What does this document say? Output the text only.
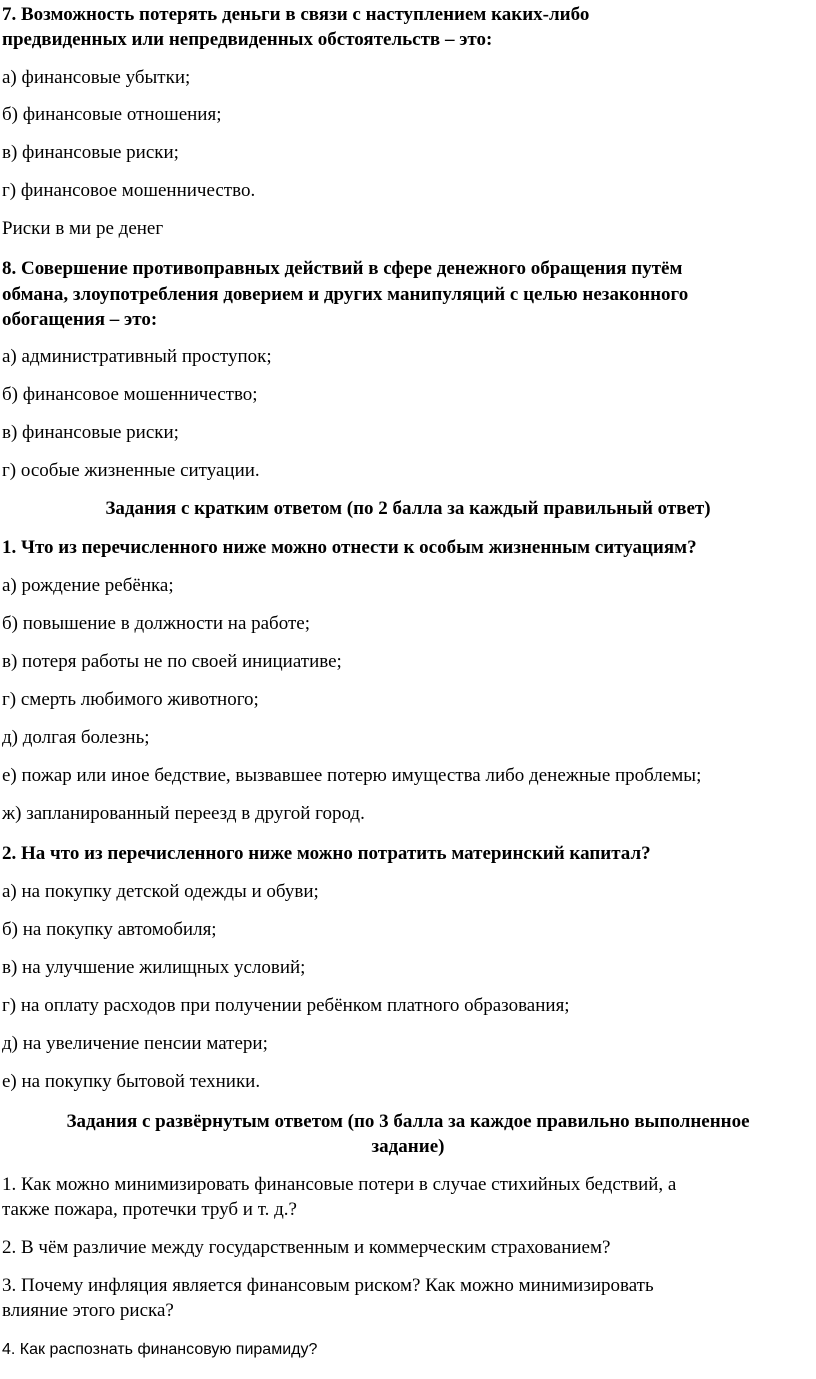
7. Возможность потерять деньги в связи с наступлением каких-либо
предвиденных или непредвиденных обстоятельств – это:
а) финансовые убытки;
б) финансовые отношения;
в) финансовые риски;
г) финансовое мошенничество.
Риски в ми ре денег
8. Совершение противоправных действий в сфере денежного обращения путём
обмана, злоупотребления доверием и других манипуляций с целью незаконного
обогащения – это:
а) административный проступок;
б) финансовое мошенничество;
в) финансовые риски;
г) особые жизненные ситуации.
Задания с кратким ответом (по 2 балла за каждый правильный ответ)
1. Что из перечисленного ниже можно отнести к особым жизненным ситуациям?
а) рождение ребёнка;
б) повышение в должности на работе;
в) потеря работы не по своей инициативе;
г) смерть любимого животного;
д) долгая болезнь;
е) пожар или иное бедствие, вызвавшее потерю имущества либо денежные проблемы;
ж) запланированный переезд в другой город.
2. На что из перечисленного ниже можно потратить материнский капитал?
а) на покупку детской одежды и обуви;
б) на покупку автомобиля;
в) на улучшение жилищных условий;
г) на оплату расходов при получении ребёнком платного образования;
д) на увеличение пенсии матери;
е) на покупку бытовой техники.
Задания с развёрнутым ответом (по 3 балла за каждое правильно выполненное
задание)
1. Как можно минимизировать финансовые потери в случае стихийных бедствий, а
также пожара, протечки труб и т. д.?
2. В чём различие между государственным и коммерческим страхованием?
3. Почему инфляция является финансовым риском? Как можно минимизировать
влияние этого риска?
4. Как распознать финансовую пирамиду?
